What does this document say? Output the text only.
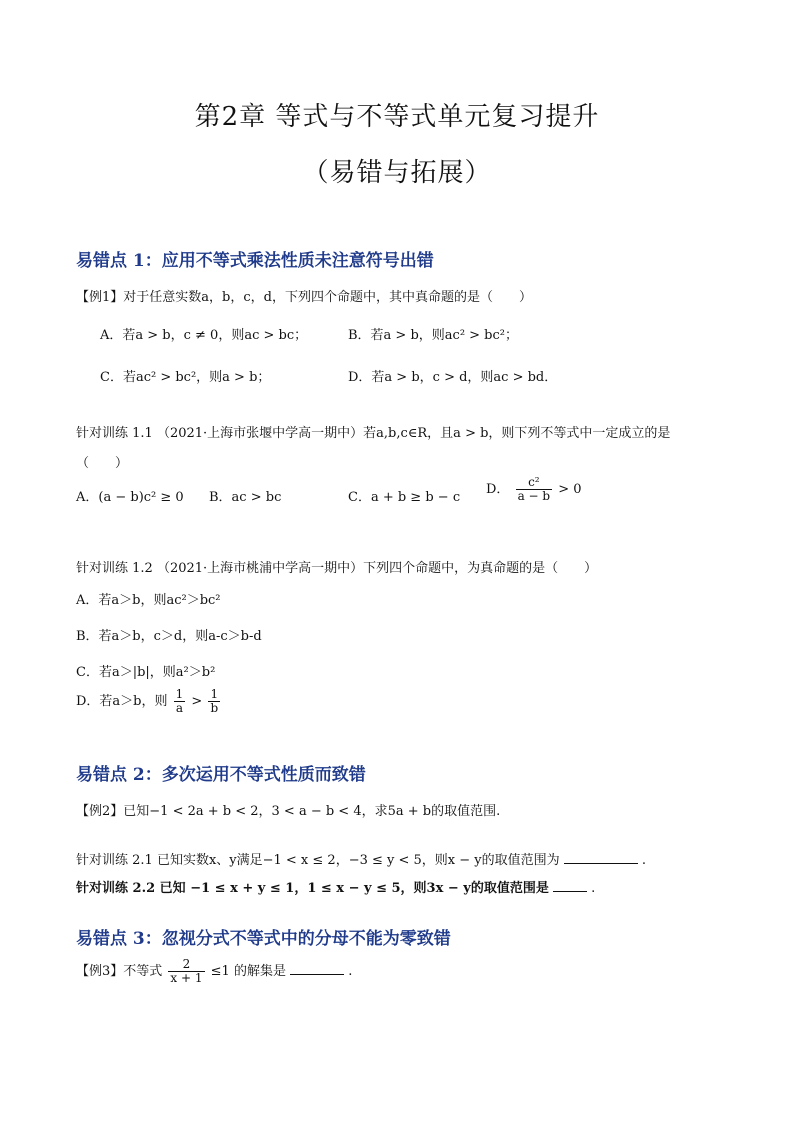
第2章 等式与不等式单元复习提升
（易错与拓展）
易错点 1：应用不等式乘法性质未注意符号出错
【例1】对于任意实数a，b，c，d，下列四个命题中，其中真命题的是（　　）
A．若a > b，c ≠ 0，则ac > bc；	B．若a > b，则ac² > bc²；
C．若ac² > bc²，则a > b；	D．若a > b，c > d，则ac > bd．
针对训练 1.1 （2021·上海市张堰中学高一期中）若a,b,c∈R，且a > b，则下列不等式中一定成立的是
（　　）
A．(a − b)c² ≥ 0 B．ac > bc	C．a + b ≥ b − c
D． $\frac{\text{c²}}{a - b} > 0$
针对训练 1.2 （2021·上海市桃浦中学高一期中）下列四个命题中，为真命题的是（　　）
A．若a＞b，则ac²＞bc²
B．若a＞b，c＞d，则a-c＞b-d
C．若a＞|b|，则a²＞b²
D．若a＞b，则 $\frac{1}{a} > \frac{1}{b}$
易错点 2：多次运用不等式性质而致错
【例2】已知−1 < 2a + b < 2，3 < a − b < 4，求5a + b的取值范围.
针对训练 2.1 已知实数x、y满足−1 < x ≤ 2，−3 ≤ y < 5，则x − y的取值范围为	.
针对训练 2.2 已知 −1 ≤ x + y ≤ 1，1 ≤ x − y ≤ 5，则3x − y的取值范围是	.
易错点 3：忽视分式不等式中的分母不能为零致错
【例3】不等式 $\frac{2}{x + 1} \le 1$ 的解集是	.
